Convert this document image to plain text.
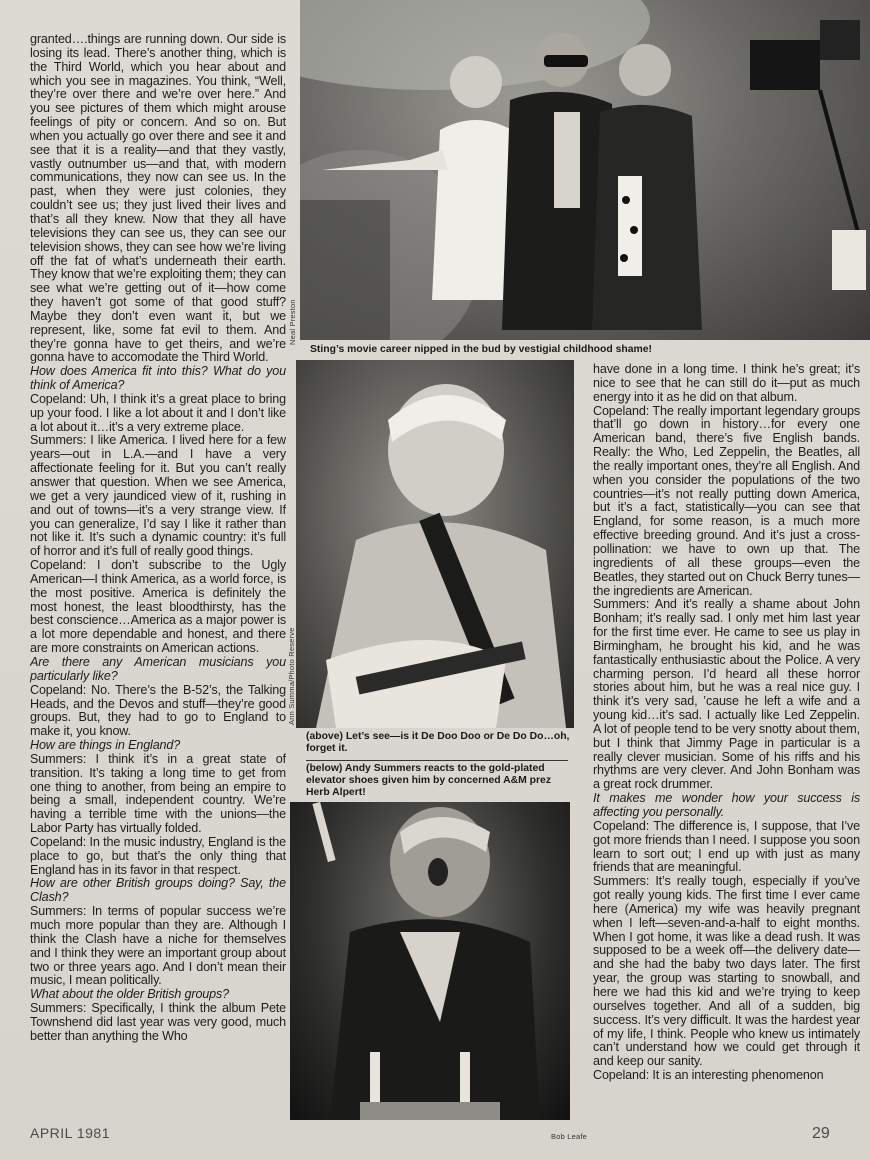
granted….things are running down. Our side is losing its lead. There’s another thing, which is the Third World, which you hear about and which you see in magazines. You think, “Well, they’re over there and we’re over here.” And you see pictures of them which might arouse feelings of pity or concern. And so on. But when you actually go over there and see it and see that it is a reality—and that they vastly, vastly outnumber us—and that, with modern communications, they now can see us. In the past, when they were just colonies, they couldn’t see us; they just lived their lives and that’s all they knew. Now that they all have televisions they can see us, they can see our television shows, they can see how we’re living off the fat of what’s underneath their earth. They know that we’re exploiting them; they can see what we’re getting out of it—how come they haven’t got some of that good stuff? Maybe they don’t even want it, but we represent, like, some fat evil to them. And they’re gonna have to get theirs, and we’re gonna have to accomodate the Third World.

How does America fit into this? What do you think of America?

Copeland: Uh, I think it’s a great place to bring up your food. I like a lot about it and I don’t like a lot about it…it’s a very extreme place.

Summers: I like America. I lived here for a few years—out in L.A.—and I have a very affectionate feeling for it. But you can’t really answer that question. When we see America, we get a very jaundiced view of it, rushing in and out of towns—it’s a very strange view. If you can generalize, I’d say I like it rather than not like it. It’s such a dynamic country: it’s full of horror and it’s full of really good things.

Copeland: I don’t subscribe to the Ugly American—I think America, as a world force, is the most positive. America is definitely the most honest, the least bloodthirsty, has the best conscience…America as a major power is a lot more dependable and honest, and there are more constraints on American actions.

Are there any American musicians you particularly like?

Copeland: No. There’s the B-52’s, the Talking Heads, and the Devos and stuff—they’re good groups. But, they had to go to England to make it, you know.

How are things in England?

Summers: I think it’s in a great state of transition. It’s taking a long time to get from one thing to another, from being an empire to being a small, independent country. We’re having a terrible time with the unions—the Labor Party has virtually folded.

Copeland: In the music industry, England is the place to go, but that’s the only thing that England has in its favor in that respect.

How are other British groups doing? Say, the Clash?

Summers: In terms of popular success we’re much more popular than they are. Although I think the Clash have a niche for themselves and I think they were an important group about two or three years ago. And I don’t mean their music, I mean politically.

What about the older British groups?

Summers: Specifically, I think the album Pete Townshend did last year was very good, much better than anything the Who

Sting’s movie career nipped in the bud by vestigial childhood shame!
Neal Preston
Ann Summa/Photo Reserve
(above) Let’s see—is it De Doo Doo or De Do Do…oh, forget it.
(below) Andy Summers reacts to the gold-plated elevator shoes given him by concerned A&M prez Herb Alpert!
Bob Leafe

have done in a long time. I think he’s great; it’s nice to see that he can still do it—put as much energy into it as he did on that album.

Copeland: The really important legendary groups that’ll go down in history…for every one American band, there’s five English bands. Really: the Who, Led Zeppelin, the Beatles, all the really important ones, they’re all English. And when you consider the populations of the two countries—it’s not really putting down America, but it’s a fact, statistically—you can see that England, for some reason, is a much more effective breeding ground. And it’s just a cross-pollination: we have to own up that. The ingredients of all these groups—even the Beatles, they started out on Chuck Berry tunes—the ingredients are American.

Summers: And it’s really a shame about John Bonham; it’s really sad. I only met him last year for the first time ever. He came to see us play in Birmingham, he brought his kid, and he was fantastically enthusiastic about the Police. A very charming person. I’d heard all these horror stories about him, but he was a real nice guy. I think it’s very sad, ’cause he left a wife and a young kid…it’s sad. I actually like Led Zeppelin. A lot of people tend to be very snotty about them, but I think that Jimmy Page in particular is a really clever musician. Some of his riffs and his rhythms are very clever. And John Bonham was a great rock drummer.

It makes me wonder how your success is affecting you personally.

Copeland: The difference is, I suppose, that I’ve got more friends than I need. I suppose you soon learn to sort out; I end up with just as many friends that are meaningful.

Summers: It’s really tough, especially if you’ve got really young kids. The first time I ever came here (America) my wife was heavily pregnant when I left—seven-and-a-half to eight months. When I got home, it was like a dead rush. It was supposed to be a week off—the delivery date—and she had the baby two days later. The first year, the group was starting to snowball, and here we had this kid and we’re trying to keep ourselves together. And all of a sudden, big success. It’s very difficult. It was the hardest year of my life, I think. People who knew us intimately can’t understand how we could get through it and keep our sanity.

Copeland: It is an interesting phenomenon

APRIL 1981	29
